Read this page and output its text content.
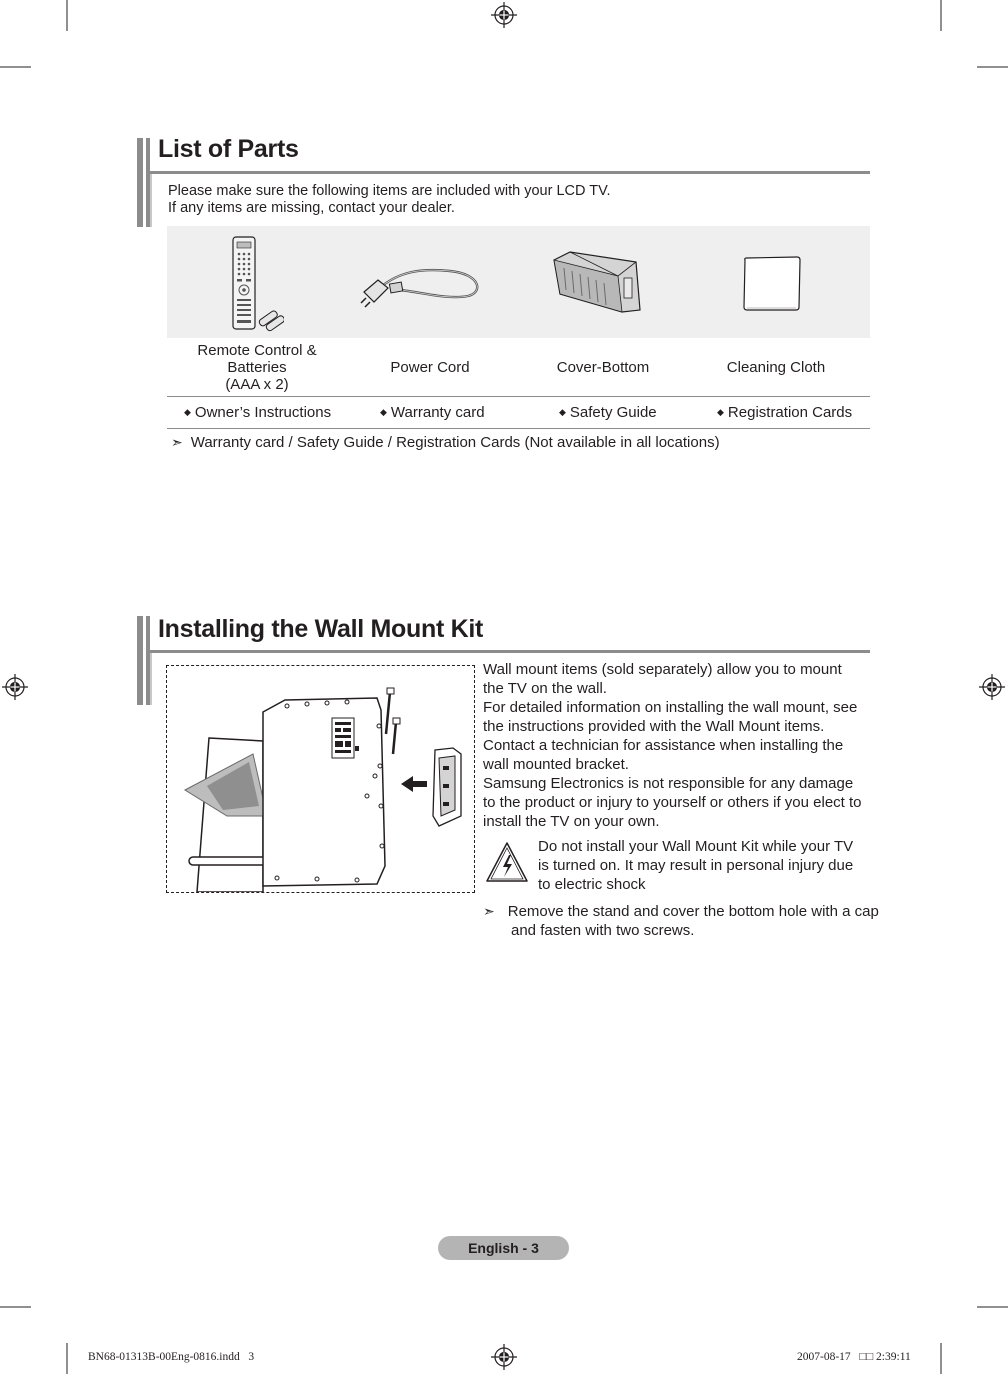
List of Parts
Please make sure the following items are included with your LCD TV.
If any items are missing, contact your dealer.
Remote Control &
Batteries
(AAA x 2)
Power Cord	Cover-Bottom	Cleaning Cloth
◆ Owner’s Instructions	◆ Warranty card	◆ Safety Guide	◆ Registration Cards
➣ Warranty card / Safety Guide / Registration Cards (Not available in all locations)
Installing the Wall Mount Kit
Wall mount items (sold separately) allow you to mount the TV on the wall.
For detailed information on installing the wall mount, see the instructions provided with the Wall Mount items.
Contact a technician for assistance when installing the wall mounted bracket.
Samsung Electronics is not responsible for any damage to the product or injury to yourself or others if you elect to install the TV on your own.
Do not install your Wall Mount Kit while your TV is turned on. It may result in personal injury due to electric shock
➣ Remove the stand and cover the bottom hole with a cap and fasten with two screws.
English - 3
BN68-01313B-00Eng-0816.indd   3	2007-08-17   □□ 2:39:11
